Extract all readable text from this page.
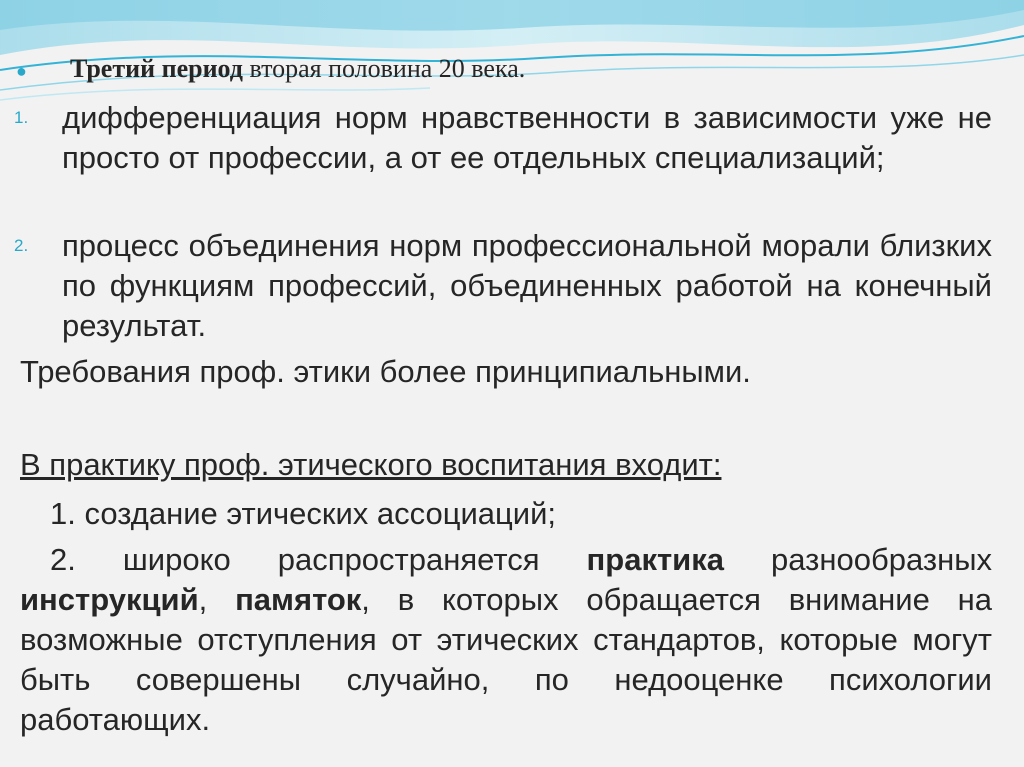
● Третий период вторая половина 20 века.
1. дифференциация норм нравственности в зависимости уже не просто от профессии, а от ее отдельных специализаций;
2. процесс объединения норм профессиональной морали близких по функциям профессий, объединенных работой на конечный результат.
Требования проф. этики более принципиальными.
В практику проф. этического воспитания входит:
1. создание этических ассоциаций;
2. широко распространяется практика разнообразных инструкций, памяток, в которых обращается внимание на возможные отступления от этических стандартов, которые могут быть совершены случайно, по недооценке психологии работающих.
